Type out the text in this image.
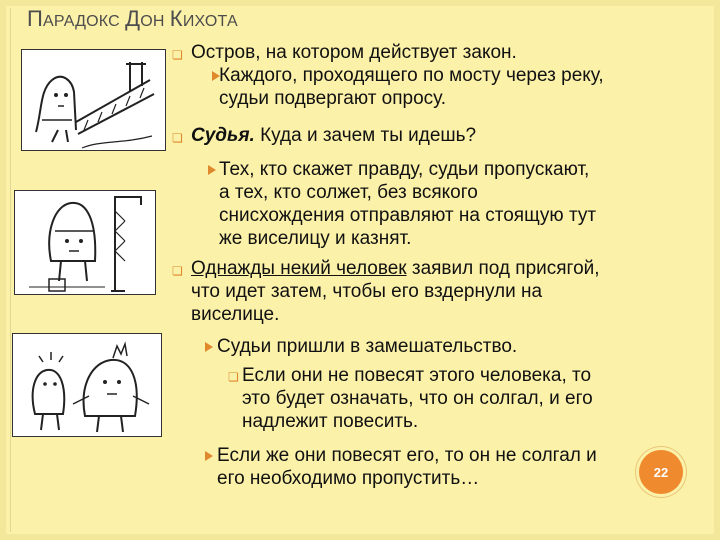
ПАРАДОКС ДОН КИХОТА
❏ Остров, на котором действует закон.
Каждого, проходящего по мосту через реку,
судьи подвергают опросу.
❏ Судья. Куда и зачем ты идешь?
Тех, кто скажет правду, судьи пропускают,
а тех, кто солжет, без всякого
снисхождения отправляют на стоящую тут
же виселицу и казнят.
❏ Однажды некий человек заявил под присягой,
что идет затем, чтобы его вздернули на
виселице.
Судьи пришли в замешательство.
❏ Если они не повесят этого человека, то
это будет означать, что он солгал, и его
надлежит повесить.
Если же они повесят его, то он не солгал и
его необходимо пропустить…	22
